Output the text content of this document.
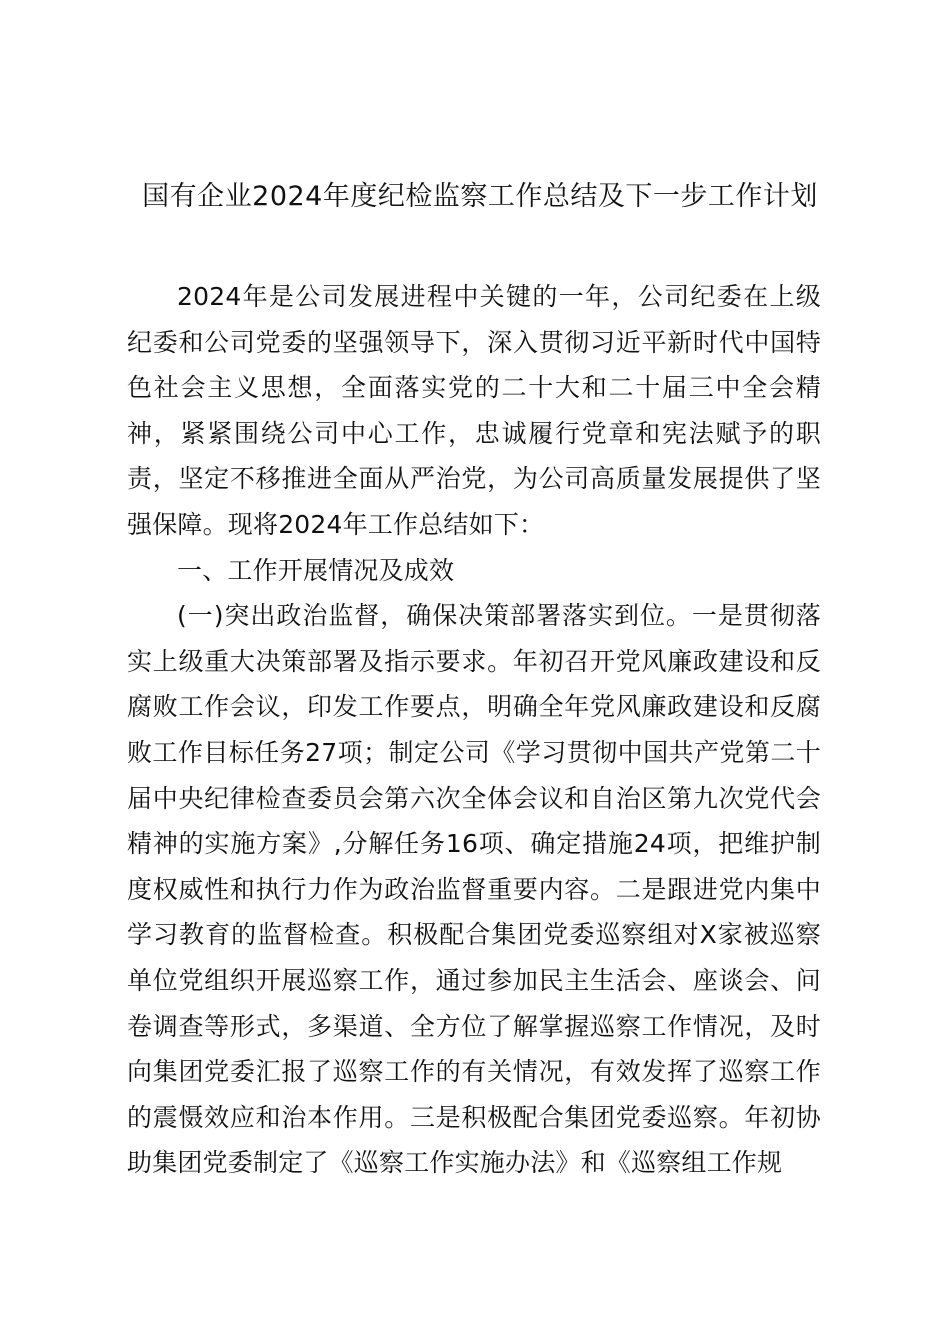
国有企业2024年度纪检监察工作总结及下一步工作计划

2024年是公司发展进程中关键的一年，公司纪委在上级纪委和公司党委的坚强领导下，深入贯彻习近平新时代中国特色社会主义思想，全面落实党的二十大和二十届三中全会精神，紧紧围绕公司中心工作，忠诚履行党章和宪法赋予的职责，坚定不移推进全面从严治党，为公司高质量发展提供了坚强保障。现将2024年工作总结如下：

一、工作开展情况及成效

(一)突出政治监督，确保决策部署落实到位。一是贯彻落实上级重大决策部署及指示要求。年初召开党风廉政建设和反腐败工作会议，印发工作要点，明确全年党风廉政建设和反腐败工作目标任务27项；制定公司《学习贯彻中国共产党第二十届中央纪律检查委员会第六次全体会议和自治区第九次党代会精神的实施方案》,分解任务16项、确定措施24项，把维护制度权威性和执行力作为政治监督重要内容。二是跟进党内集中学习教育的监督检查。积极配合集团党委巡察组对X家被巡察单位党组织开展巡察工作，通过参加民主生活会、座谈会、问卷调查等形式，多渠道、全方位了解掌握巡察工作情况，及时向集团党委汇报了巡察工作的有关情况，有效发挥了巡察工作的震慑效应和治本作用。三是积极配合集团党委巡察。年初协助集团党委制定了《巡察工作实施办法》和《巡察组工作规
